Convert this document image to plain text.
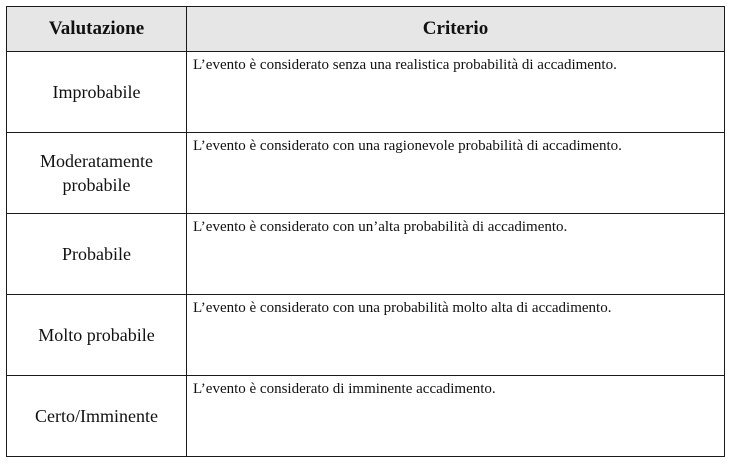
Valutazione	Criterio
Improbabile	L’evento è considerato senza una realistica probabilità di accadimento.
Moderatamente probabile	L’evento è considerato con una ragionevole probabilità di accadimento.
Probabile	L’evento è considerato con un’alta probabilità di accadimento.
Molto probabile	L’evento è considerato con una probabilità molto alta di accadimento.
Certo/Imminente	L’evento è considerato di imminente accadimento.
